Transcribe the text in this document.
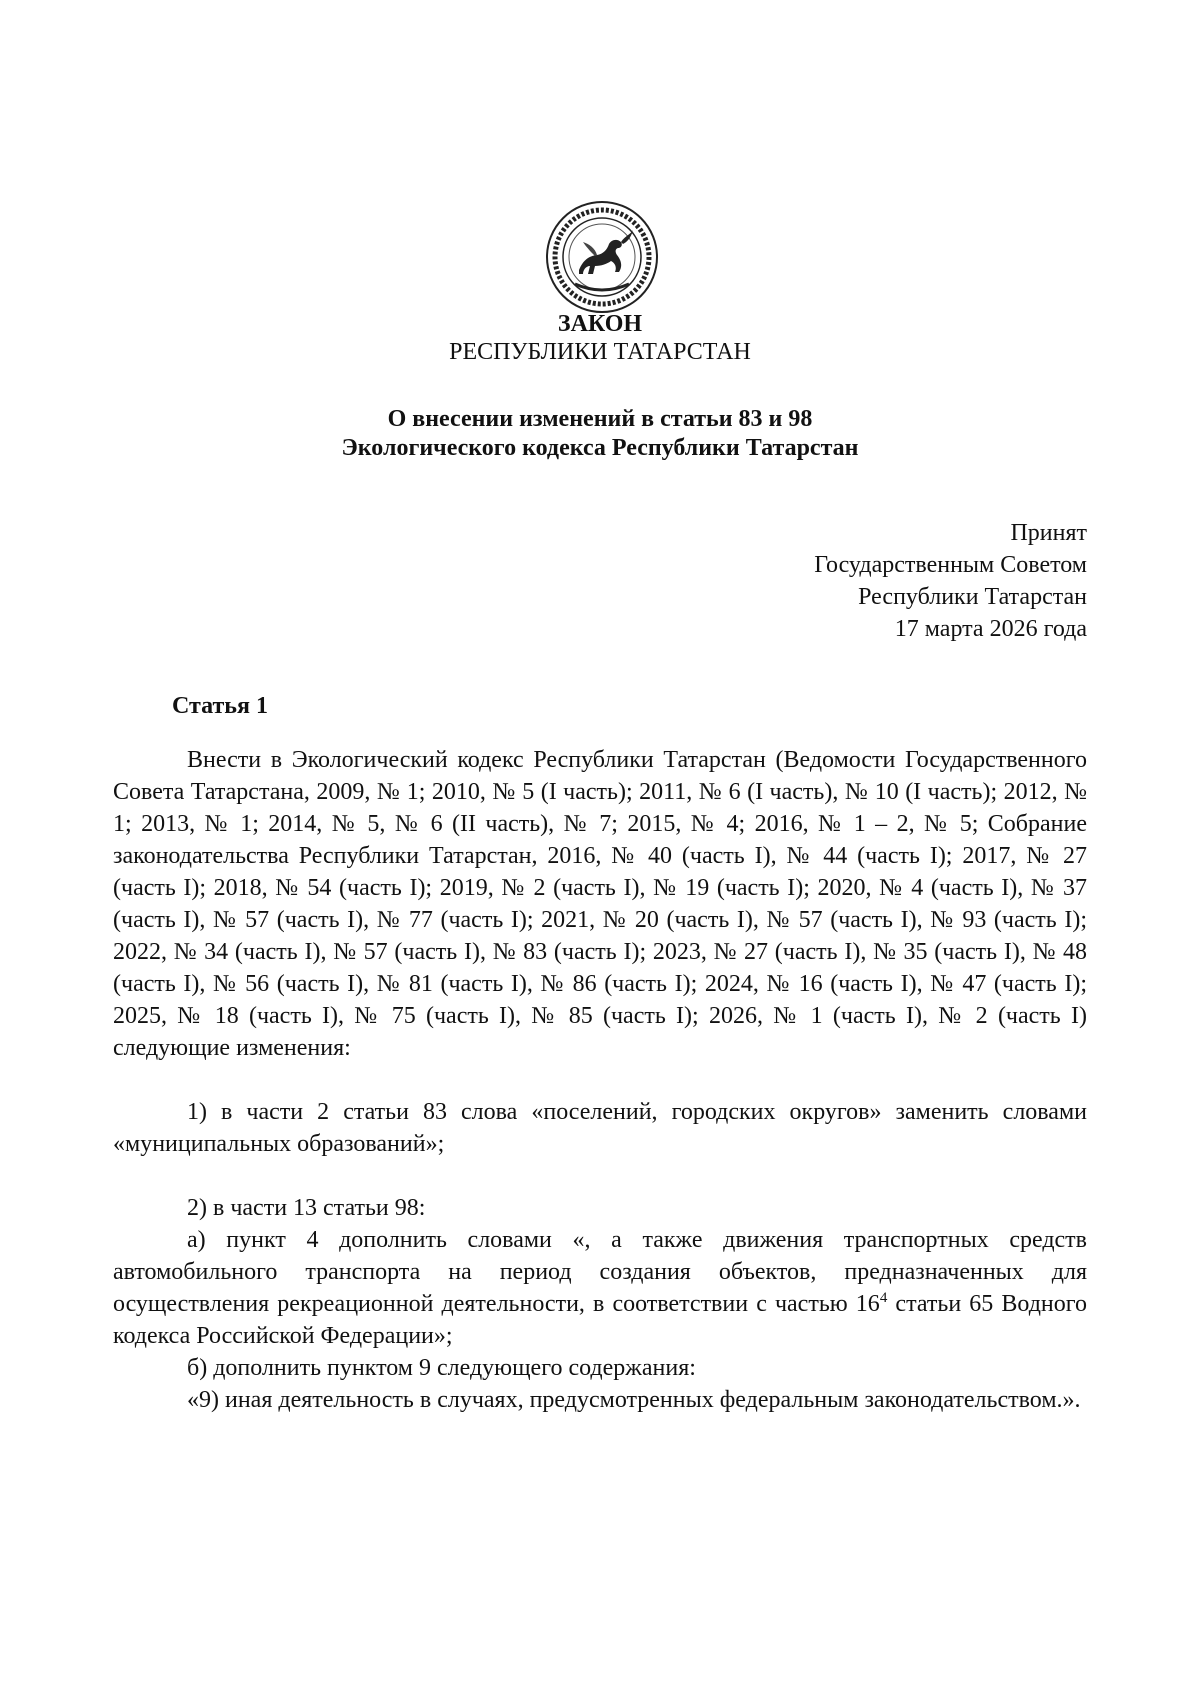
ЗАКОН
РЕСПУБЛИКИ ТАТАРСТАН
О внесении изменений в статьи 83 и 98
Экологического кодекса Республики Татарстан
Принят
Государственным Советом
Республики Татарстан
17 марта 2026 года
Статья 1

Внести в Экологический кодекс Республики Татарстан (Ведомости Государственного Совета Татарстана, 2009, № 1; 2010, № 5 (I часть); 2011, № 6 (I часть), № 10 (I часть); 2012, № 1; 2013, № 1; 2014, № 5, № 6 (II часть), № 7; 2015, № 4; 2016, № 1 – 2, № 5; Собрание законодательства Республики Татарстан, 2016, № 40 (часть I), № 44 (часть I); 2017, № 27 (часть I); 2018, № 54 (часть I); 2019, № 2 (часть I), № 19 (часть I); 2020, № 4 (часть I), № 37 (часть I), № 57 (часть I), № 77 (часть I); 2021, № 20 (часть I), № 57 (часть I), № 93 (часть I); 2022, № 34 (часть I), № 57 (часть I), № 83 (часть I); 2023, № 27 (часть I), № 35 (часть I), № 48 (часть I), № 56 (часть I), № 81 (часть I), № 86 (часть I); 2024, № 16 (часть I), № 47 (часть I); 2025, № 18 (часть I), № 75 (часть I), № 85 (часть I); 2026, № 1 (часть I), № 2 (часть I) следующие изменения:

1) в части 2 статьи 83 слова «поселений, городских округов» заменить словами «муниципальных образований»;

2) в части 13 статьи 98:

а) пункт 4 дополнить словами «, а также движения транспортных средств автомобильного транспорта на период создания объектов, предназначенных для осуществления рекреационной деятельности, в соответствии с частью $16^4$ статьи 65 Водного кодекса Российской Федерации»;

б) дополнить пунктом 9 следующего содержания:

«9) иная деятельность в случаях, предусмотренных федеральным законодательством.».
